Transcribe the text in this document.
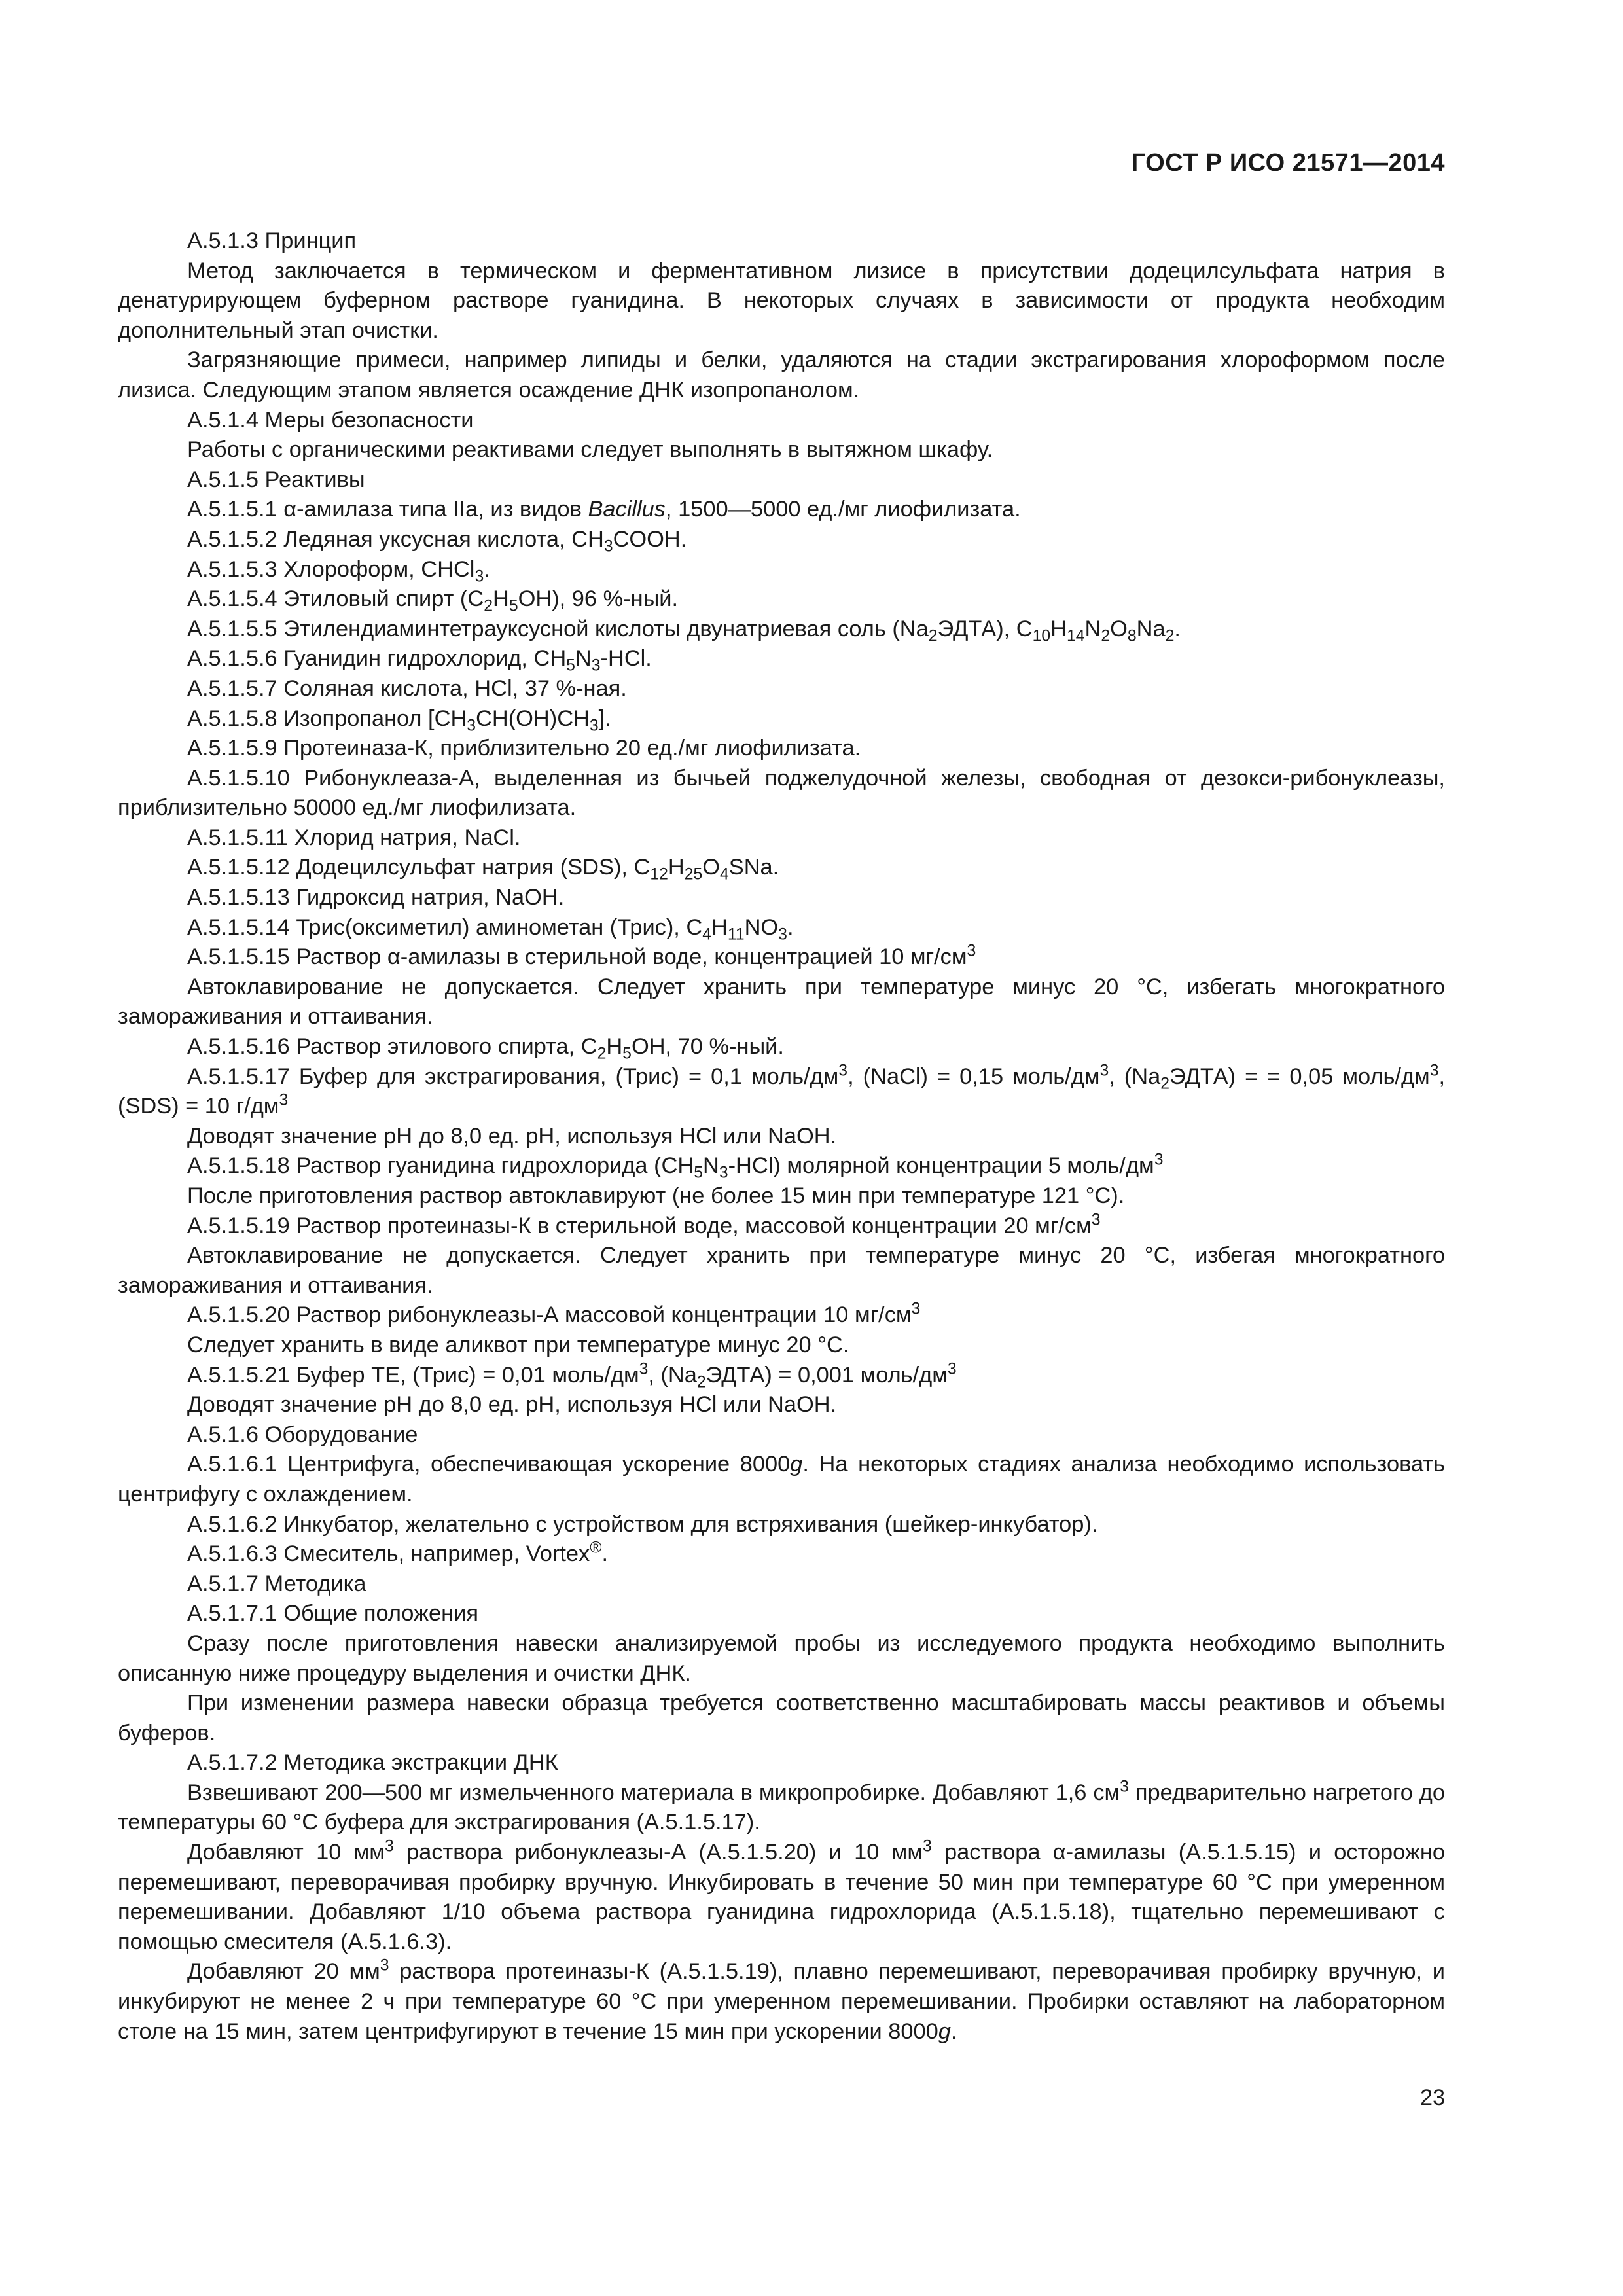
ГОСТ Р ИСО 21571—2014

А.5.1.3 Принцип

Метод заключается в термическом и ферментативном лизисе в присутствии додецилсульфата натрия в денатурирующем буферном растворе гуанидина. В некоторых случаях в зависимости от продукта необходим дополнительный этап очистки.

Загрязняющие примеси, например липиды и белки, удаляются на стадии экстрагирования хлороформом после лизиса. Следующим этапом является осаждение ДНК изопропанолом.

А.5.1.4 Меры безопасности

Работы с органическими реактивами следует выполнять в вытяжном шкафу.

А.5.1.5 Реактивы

А.5.1.5.1 α-амилаза типа IIa, из видов Bacillus, 1500—5000 ед./мг лиофилизата.

А.5.1.5.2 Ледяная уксусная кислота, $CH_3COOH$.

А.5.1.5.3 Хлороформ, CHCl$_3$.

А.5.1.5.4 Этиловый спирт $(C_2H_5OH)$, 96 %-ный.

А.5.1.5.5 Этилендиаминтетрауксусной кислоты двунатриевая соль $(Na_2ЭДТА)$, $C_{10}H_{14}N_2O_8Na_2$.

А.5.1.5.6 Гуанидин гидрохлорид, $CH_5N_3$-HCl.

А.5.1.5.7 Соляная кислота, HCl, 37 %-ная.

А.5.1.5.8 Изопропанол $[CH_3CH(OH)CH_3]$.

А.5.1.5.9 Протеиназа-К, приблизительно 20 ед./мг лиофилизата.

А.5.1.5.10 Рибонуклеаза-А, выделенная из бычьей поджелудочной железы, свободная от дезокси-рибонуклеазы, приблизительно 50000 ед./мг лиофилизата.

А.5.1.5.11 Хлорид натрия, NaCl.

А.5.1.5.12 Додецилсульфат натрия (SDS), $C_{12}H_{25}O_4SNa$.

А.5.1.5.13 Гидроксид натрия, NaOH.

А.5.1.5.14 Трис(оксиметил) аминометан (Трис), $C_4H_{11}NO_3$.

А.5.1.5.15 Раствор α-амилазы в стерильной воде, концентрацией 10 $мг/см^3$

Автоклавирование не допускается. Следует хранить при температуре минус 20 °С, избегать многократного замораживания и оттаивания.

А.5.1.5.16 Раствор этилового спирта, $C_2H_5OH$, 70 %-ный.

А.5.1.5.17 Буфер для экстрагирования, (Трис) = 0,1 моль/$дм^3$, (NaCl) = 0,15 моль/$дм^3$, $(Na_2ЭДТА)$ = = 0,05 моль/$дм^3$, (SDS) = 10 $г/дм^3$

Доводят значение pH до 8,0 ед. pH, используя HCl или NaOH.

А.5.1.5.18 Раствор гуанидина гидрохлорида $(CH_5N_3-HCl)$ молярной концентрации 5 моль/$дм^3$

После приготовления раствор автоклавируют (не более 15 мин при температуре 121 °С).

А.5.1.5.19 Раствор протеиназы-К в стерильной воде, массовой концентрации 20 $мг/см^3$

Автоклавирование не допускается. Следует хранить при температуре минус 20 °С, избегая многократного замораживания и оттаивания.

А.5.1.5.20 Раствор рибонуклеазы-А массовой концентрации 10 $мг/см^3$

Следует хранить в виде аликвот при температуре минус 20 °С.

А.5.1.5.21 Буфер ТЕ, (Трис) = 0,01 моль/$дм^3$, $(Na_2ЭДТА) = 0,001$ моль/$дм^3$

Доводят значение pH до 8,0 ед. pH, используя HCl или NaOH.

А.5.1.6 Оборудование

А.5.1.6.1 Центрифуга, обеспечивающая ускорение 8000g. На некоторых стадиях анализа необходимо использовать центрифугу с охлаждением.

А.5.1.6.2 Инкубатор, желательно с устройством для встряхивания (шейкер-инкубатор).

А.5.1.6.3 Смеситель, например, Vortex®.

А.5.1.7 Методика

А.5.1.7.1 Общие положения

Сразу после приготовления навески анализируемой пробы из исследуемого продукта необходимо выполнить описанную ниже процедуру выделения и очистки ДНК.

При изменении размера навески образца требуется соответственно масштабировать массы реактивов и объемы буферов.

А.5.1.7.2 Методика экстракции ДНК

Взвешивают 200—500 мг измельченного материала в микропробирке. Добавляют 1,6 $см^3$ предварительно нагретого до температуры 60 °С буфера для экстрагирования (А.5.1.5.17).

Добавляют 10 $мм^3$ раствора рибонуклеазы-А (А.5.1.5.20) и 10 $мм^3$ раствора α-амилазы (А.5.1.5.15) и осторожно перемешивают, переворачивая пробирку вручную. Инкубировать в течение 50 мин при температуре 60 °С при умеренном перемешивании. Добавляют 1/10 объема раствора гуанидина гидрохлорида (А.5.1.5.18), тщательно перемешивают с помощью смесителя (А.5.1.6.3).

Добавляют 20 $мм^3$ раствора протеиназы-К (А.5.1.5.19), плавно перемешивают, переворачивая пробирку вручную, и инкубируют не менее 2 ч при температуре 60 °С при умеренном перемешивании. Пробирки оставляют на лабораторном столе на 15 мин, затем центрифугируют в течение 15 мин при ускорении 8000g.

23
